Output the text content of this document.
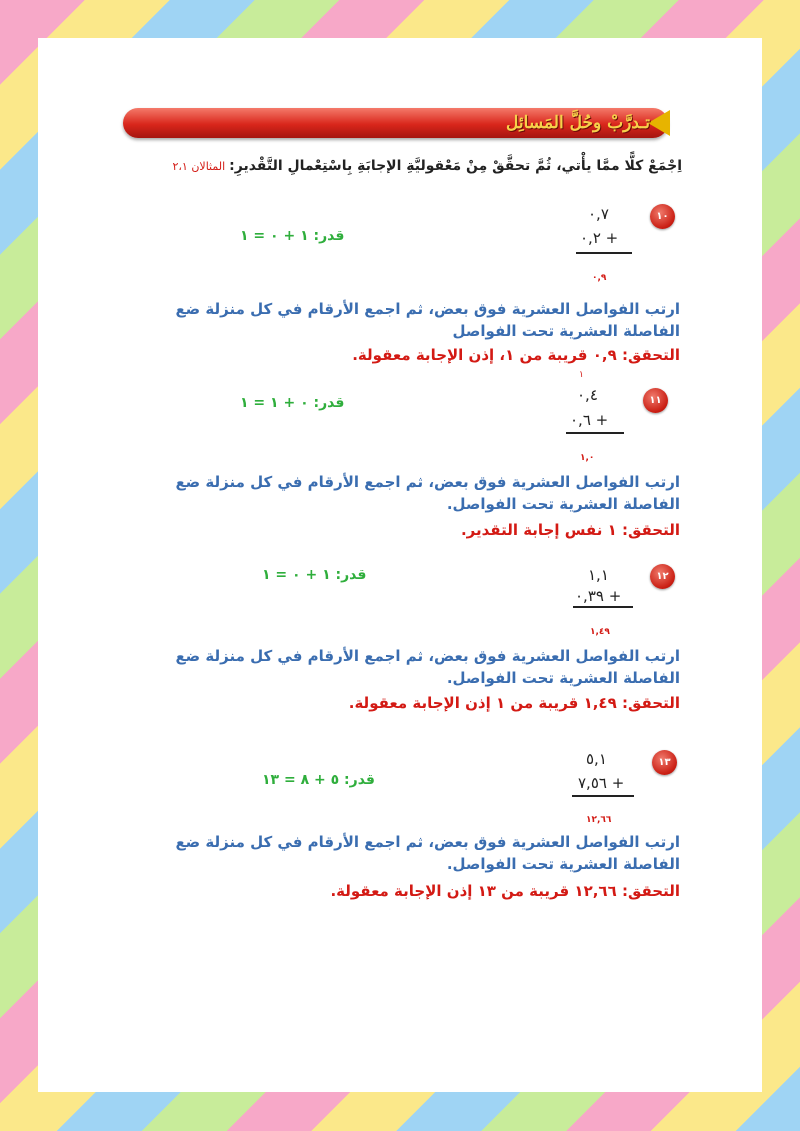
تـدرَّبْ وحُلَّ المَسائِل
اِجْمَعْ كلًّا ممَّا يأْتي، ثُمَّ تحقَّقْ مِنْ مَعْقوليَّةِ الإجابَةِ بِاسْتِعْمالِ التَّقْديرِ:المثالان ٢،١
١٠
٠,٧
+ ٠,٢
٠,٩
قدر: ١ + ٠ = ١
ارتب الفواصل العشرية فوق بعض، ثم اجمع الأرقام في كل منزلة ضع الفاصلة العشرية تحت الفواصل
التحقق: ٠,٩ قريبة من ١، إذن الإجابة معقولة.
١
١١
٠,٤
+ ٠,٦
١,٠
قدر: ٠ + ١ = ١
ارتب الفواصل العشرية فوق بعض، ثم اجمع الأرقام في كل منزلة ضع الفاصلة العشرية تحت الفواصل.
التحقق: ١ نفس إجابة التقدير.
١٢
١,١
+ ٠,٣٩
١,٤٩
قدر: ١ + ٠ = ١
ارتب الفواصل العشرية فوق بعض، ثم اجمع الأرقام في كل منزلة ضع الفاصلة العشرية تحت الفواصل.
التحقق: ١,٤٩ قريبة من ١ إذن الإجابة معقولة.
١٣
٥,١
+ ٧,٥٦
١٢,٦٦
قدر: ٥ + ٨ = ١٣
ارتب الفواصل العشرية فوق بعض، ثم اجمع الأرقام في كل منزلة ضع الفاصلة العشرية تحت الفواصل.
التحقق: ١٢,٦٦ قريبة من ١٣ إذن الإجابة معقولة.
